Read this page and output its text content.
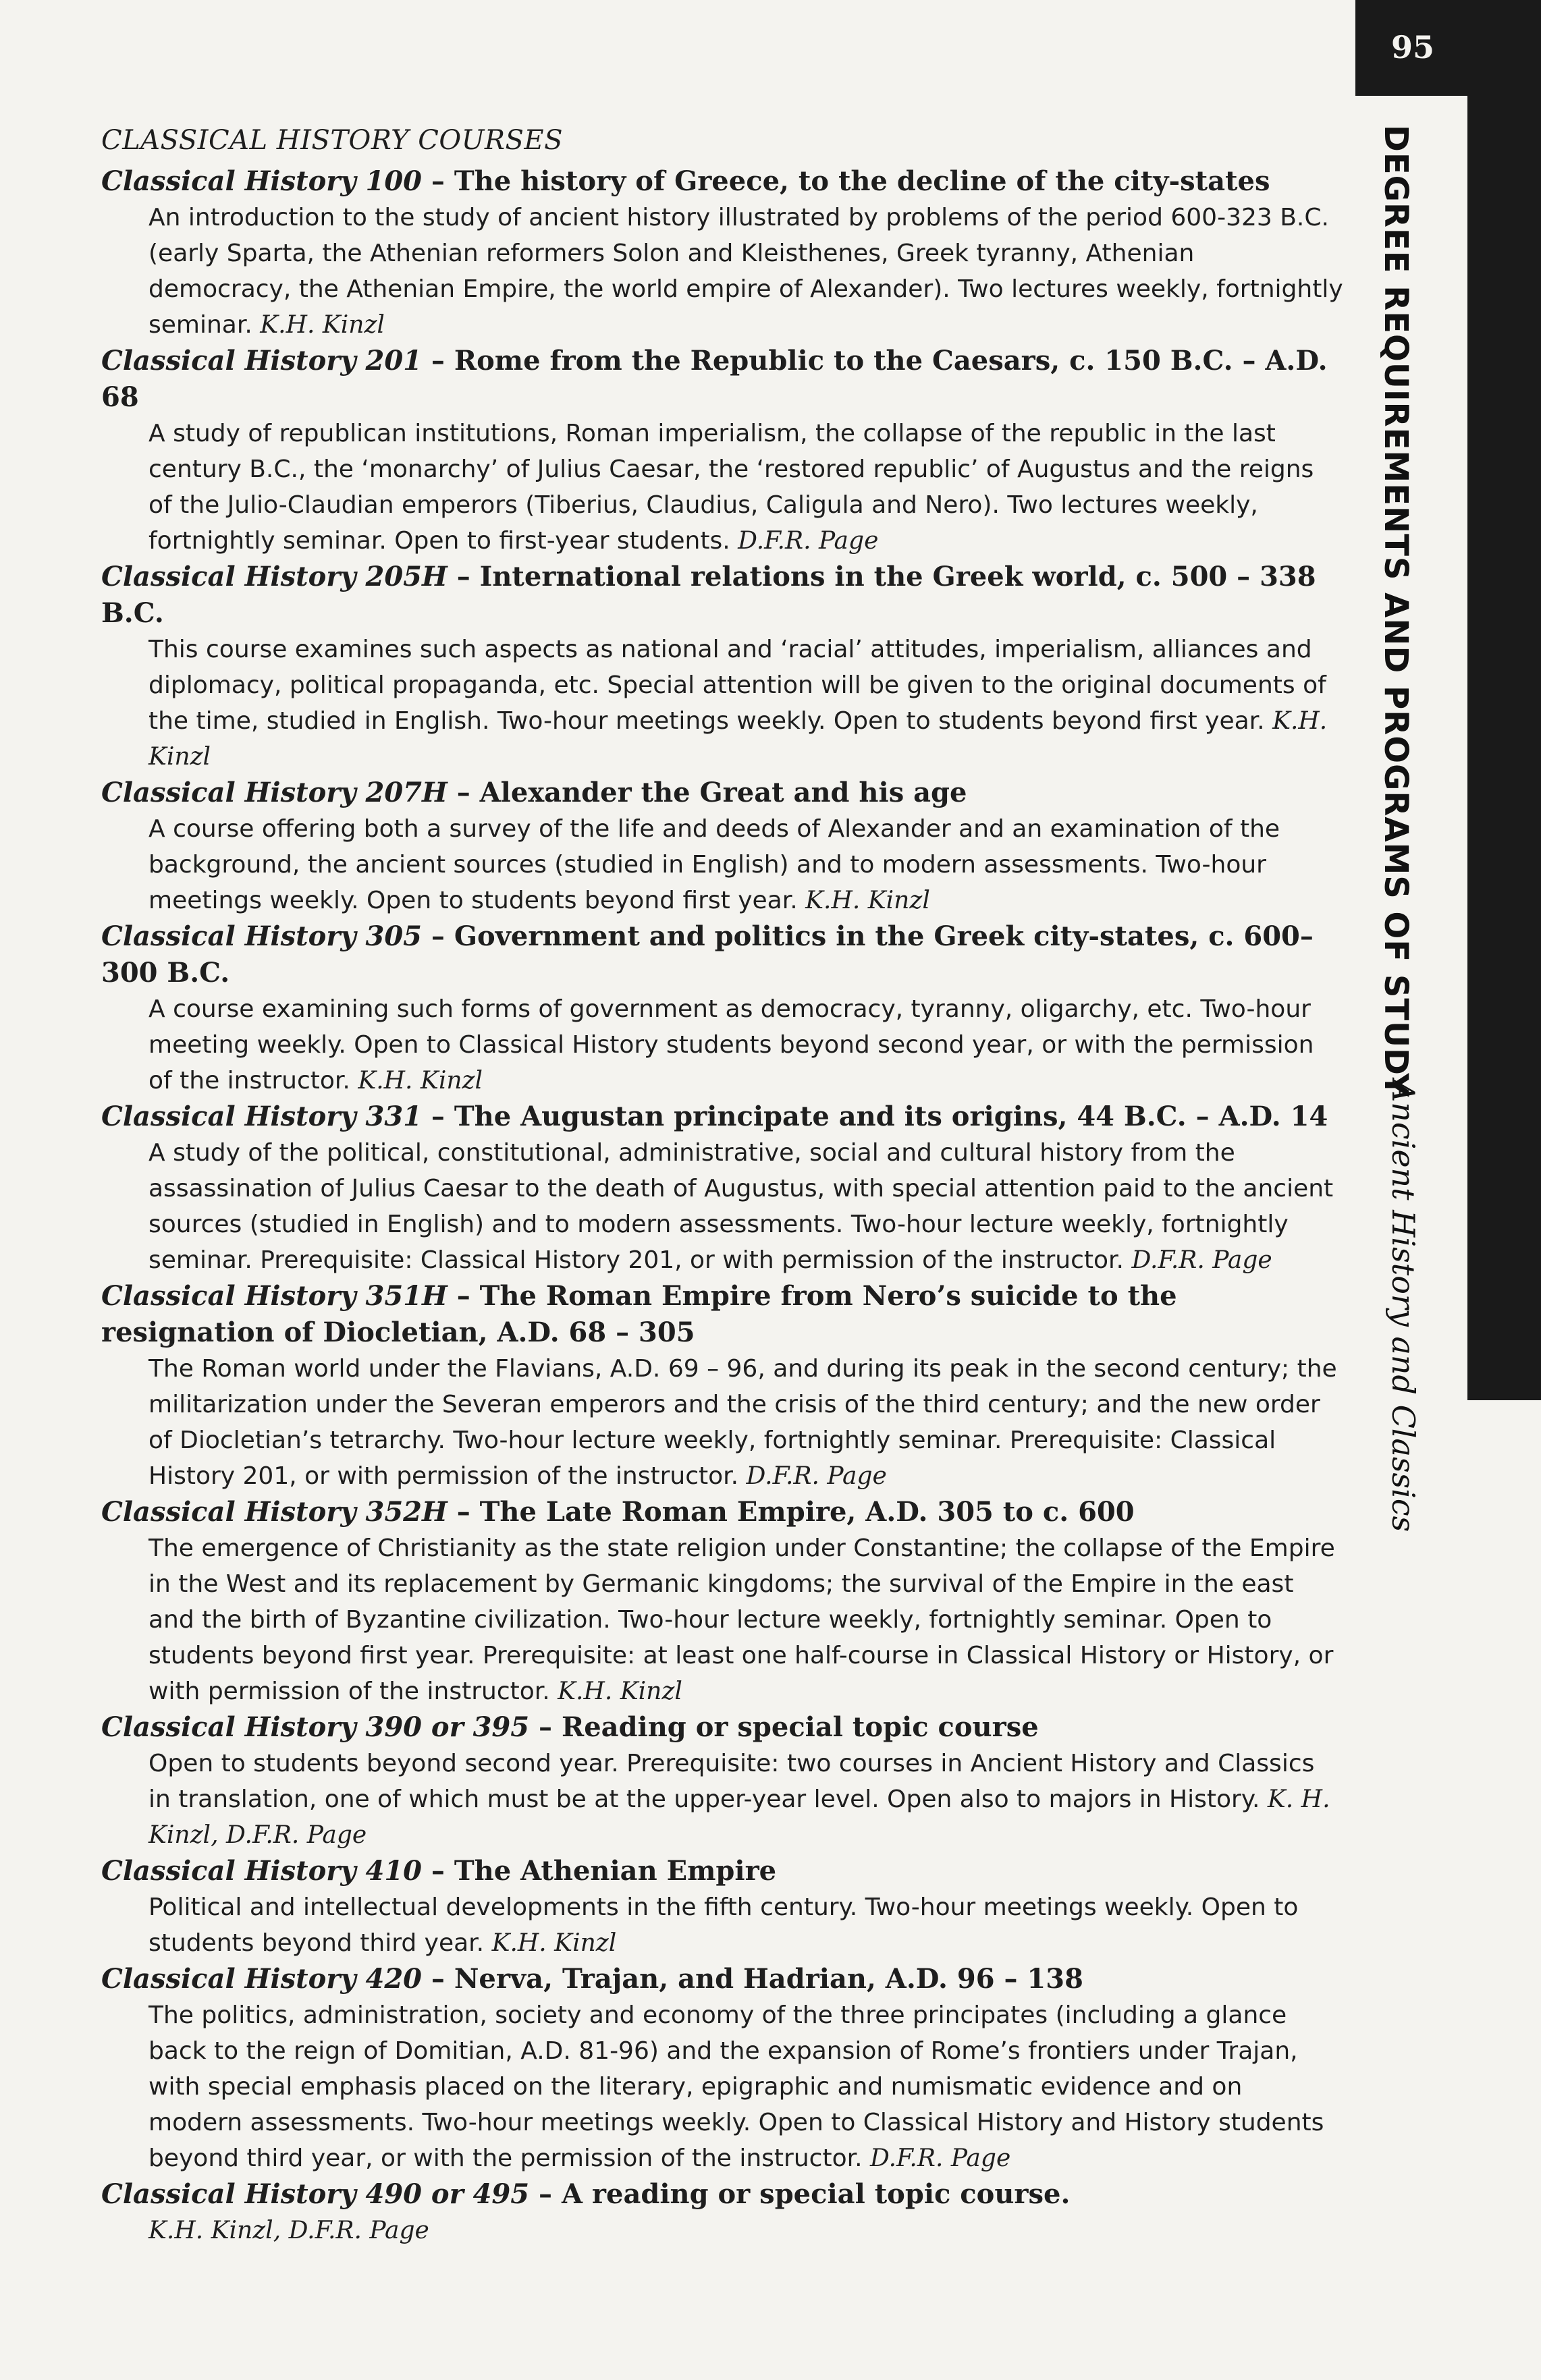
95
DEGREE REQUIREMENTS AND PROGRAMS OF STUDY
Ancient History and Classics
CLASSICAL HISTORY COURSES
Classical History 100 – The history of Greece, to the decline of the city-states
An introduction to the study of ancient history illustrated by problems of the period 600-323 B.C. (early Sparta, the Athenian reformers Solon and Kleisthenes, Greek tyranny, Athenian democracy, the Athenian Empire, the world empire of Alexander). Two lectures weekly, fortnightly seminar. K.H. Kinzl
Classical History 201 – Rome from the Republic to the Caesars, c. 150 B.C. – A.D. 68
A study of republican institutions, Roman imperialism, the collapse of the republic in the last century B.C., the ‘monarchy’ of Julius Caesar, the ‘restored republic’ of Augustus and the reigns of the Julio-Claudian emperors (Tiberius, Claudius, Caligula and Nero). Two lectures weekly, fortnightly seminar. Open to first-year students. D.F.R. Page
Classical History 205H – International relations in the Greek world, c. 500 – 338 B.C.
This course examines such aspects as national and ‘racial’ attitudes, imperialism, alliances and diplomacy, political propaganda, etc. Special attention will be given to the original documents of the time, studied in English. Two-hour meetings weekly. Open to students beyond first year. K.H. Kinzl
Classical History 207H – Alexander the Great and his age
A course offering both a survey of the life and deeds of Alexander and an examination of the background, the ancient sources (studied in English) and to modern assessments. Two-hour meetings weekly. Open to students beyond first year. K.H. Kinzl
Classical History 305 – Government and politics in the Greek city-states, c. 600–300 B.C.
A course examining such forms of government as democracy, tyranny, oligarchy, etc. Two-hour meeting weekly. Open to Classical History students beyond second year, or with the permission of the instructor. K.H. Kinzl
Classical History 331 – The Augustan principate and its origins, 44 B.C. – A.D. 14
A study of the political, constitutional, administrative, social and cultural history from the assassination of Julius Caesar to the death of Augustus, with special attention paid to the ancient sources (studied in English) and to modern assessments. Two-hour lecture weekly, fortnightly seminar. Prerequisite: Classical History 201, or with permission of the instructor. D.F.R. Page
Classical History 351H – The Roman Empire from Nero’s suicide to the resignation of Diocletian, A.D. 68 – 305
The Roman world under the Flavians, A.D. 69 – 96, and during its peak in the second century; the militarization under the Severan emperors and the crisis of the third century; and the new order of Diocletian’s tetrarchy. Two-hour lecture weekly, fortnightly seminar. Prerequisite: Classical History 201, or with permission of the instructor. D.F.R. Page
Classical History 352H – The Late Roman Empire, A.D. 305 to c. 600
The emergence of Christianity as the state religion under Constantine; the collapse of the Empire in the West and its replacement by Germanic kingdoms; the survival of the Empire in the east and the birth of Byzantine civilization. Two-hour lecture weekly, fortnightly seminar. Open to students beyond first year. Prerequisite: at least one half-course in Classical History or History, or with permission of the instructor. K.H. Kinzl
Classical History 390 or 395 – Reading or special topic course
Open to students beyond second year. Prerequisite: two courses in Ancient History and Classics in translation, one of which must be at the upper-year level. Open also to majors in History. K. H. Kinzl, D.F.R. Page
Classical History 410 – The Athenian Empire
Political and intellectual developments in the fifth century. Two-hour meetings weekly. Open to students beyond third year. K.H. Kinzl
Classical History 420 – Nerva, Trajan, and Hadrian, A.D. 96 – 138
The politics, administration, society and economy of the three principates (including a glance back to the reign of Domitian, A.D. 81-96) and the expansion of Rome’s frontiers under Trajan, with special emphasis placed on the literary, epigraphic and numismatic evidence and on modern assessments. Two-hour meetings weekly. Open to Classical History and History students beyond third year, or with the permission of the instructor. D.F.R. Page
Classical History 490 or 495 – A reading or special topic course.
K.H. Kinzl, D.F.R. Page
